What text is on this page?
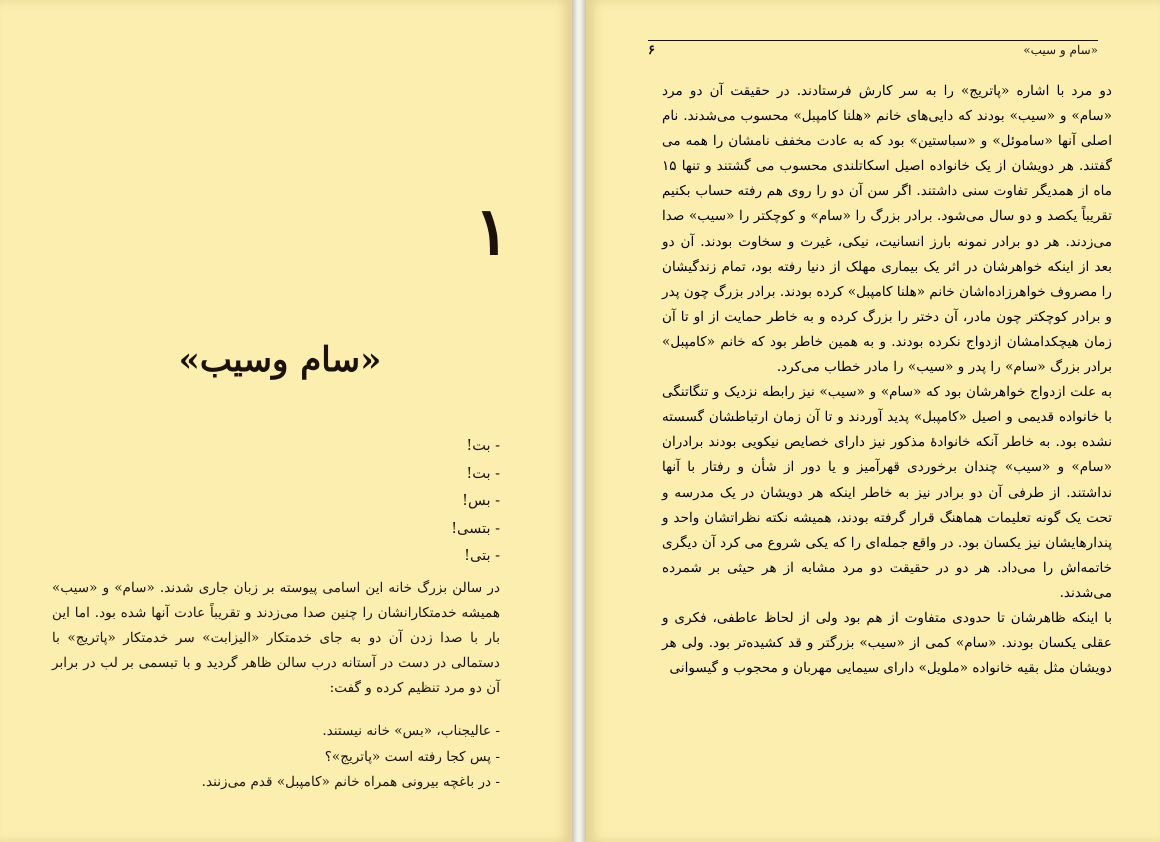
۱
«سام وسیب»

- بت!

- بت!

- بس!

- بتسی!

- بتی!

در سالن بزرگ خانه این اسامی پیوسته بر زبان جاری شدند. «سام» و «سیب» همیشه خدمتکارانشان را چنین صدا می‌زدند و تقریباً عادت آنها شده بود. اما این بار با صدا زدن آن دو به جای خدمتکار «الیزابت» سر خدمتکار «پاتریج» با دستمالی در دست در آستانه درب سالن ظاهر گردید و با تبسمی بر لب در برابر آن دو مرد تنظیم کرده و گفت:

- عالیجناب، «بس» خانه نیستند.

- پس کجا رفته است «پاتریج»؟

- در باغچه بیرونی همراه خانم «کامپبل» قدم می‌زنند.

۶	«سام و سیب»

دو مرد با اشاره «پاتریج» را به سر کارش فرستادند. در حقیقت آن دو مرد «سام» و «سیب» بودند که دایی‌های خانم «هلنا کامپبل» محسوب می‌شدند. نام اصلی آنها «ساموئل» و «سباستین» بود که به عادت مخفف نامشان را همه می گفتند. هر دویشان از یک خانواده اصیل اسکاتلندی محسوب می گشتند و تنها ۱۵ ماه از همدیگر تفاوت سنی داشتند. اگر سن آن دو را روی هم رفته حساب بکنیم تقریباً یکصد و دو سال می‌شود. برادر بزرگ را «سام» و کوچکتر را «سیب» صدا می‌زدند. هر دو برادر نمونه بارز انسانیت، نیکی، غیرت و سخاوت بودند. آن دو بعد از اینکه خواهرشان در اثر یک بیماری مهلک از دنیا رفته بود، تمام زندگیشان را مصروف خواهرزاده‌اشان خانم «هلنا کامپبل» کرده بودند. برادر بزرگ چون پدر و برادر کوچکتر چون مادر، آن دختر را بزرگ کرده و به خاطر حمایت از او تا آن زمان هیچکدامشان ازدواج نکرده بودند. و به همین خاطر بود که خانم «کامپبل» برادر بزرگ «سام» را پدر و «سیب» را مادر خطاب می‌کرد.

به علت ازدواج خواهرشان بود که «سام» و «سیب» نیز رابطه نزدیک و تنگاتنگی با خانواده قدیمی و اصیل «کامپبل» پدید آوردند و تا آن زمان ارتباطشان گسسته نشده بود. به خاطر آنکه خانوادهٔ مذکور نیز دارای خصایص نیکویی بودند برادران «سام» و «سیب» چندان برخوردی قهرآمیز و یا دور از شأن و رفتار با آنها نداشتند. از طرفی آن دو برادر نیز به خاطر اینکه هر دویشان در یک مدرسه و تحت یک گونه تعلیمات هماهنگ قرار گرفته بودند، همیشه نکته نظراتشان واحد و پندارهایشان نیز یکسان بود. در واقع جمله‌ای را که یکی شروع می کرد آن دیگری خاتمه‌اش را می‌داد. هر دو در حقیقت دو مرد مشابه از هر حیثی بر شمرده می‌شدند.

با اینکه ظاهرشان تا حدودی متفاوت از هم بود ولی از لحاظ عاطفی، فکری و عقلی یکسان بودند. «سام» کمی از «سیب» بزرگتر و قد کشیده‌تر بود. ولی هر دویشان مثل بقیه خانواده «ملویل» دارای سیمایی مهربان و محجوب و گیسوانی
